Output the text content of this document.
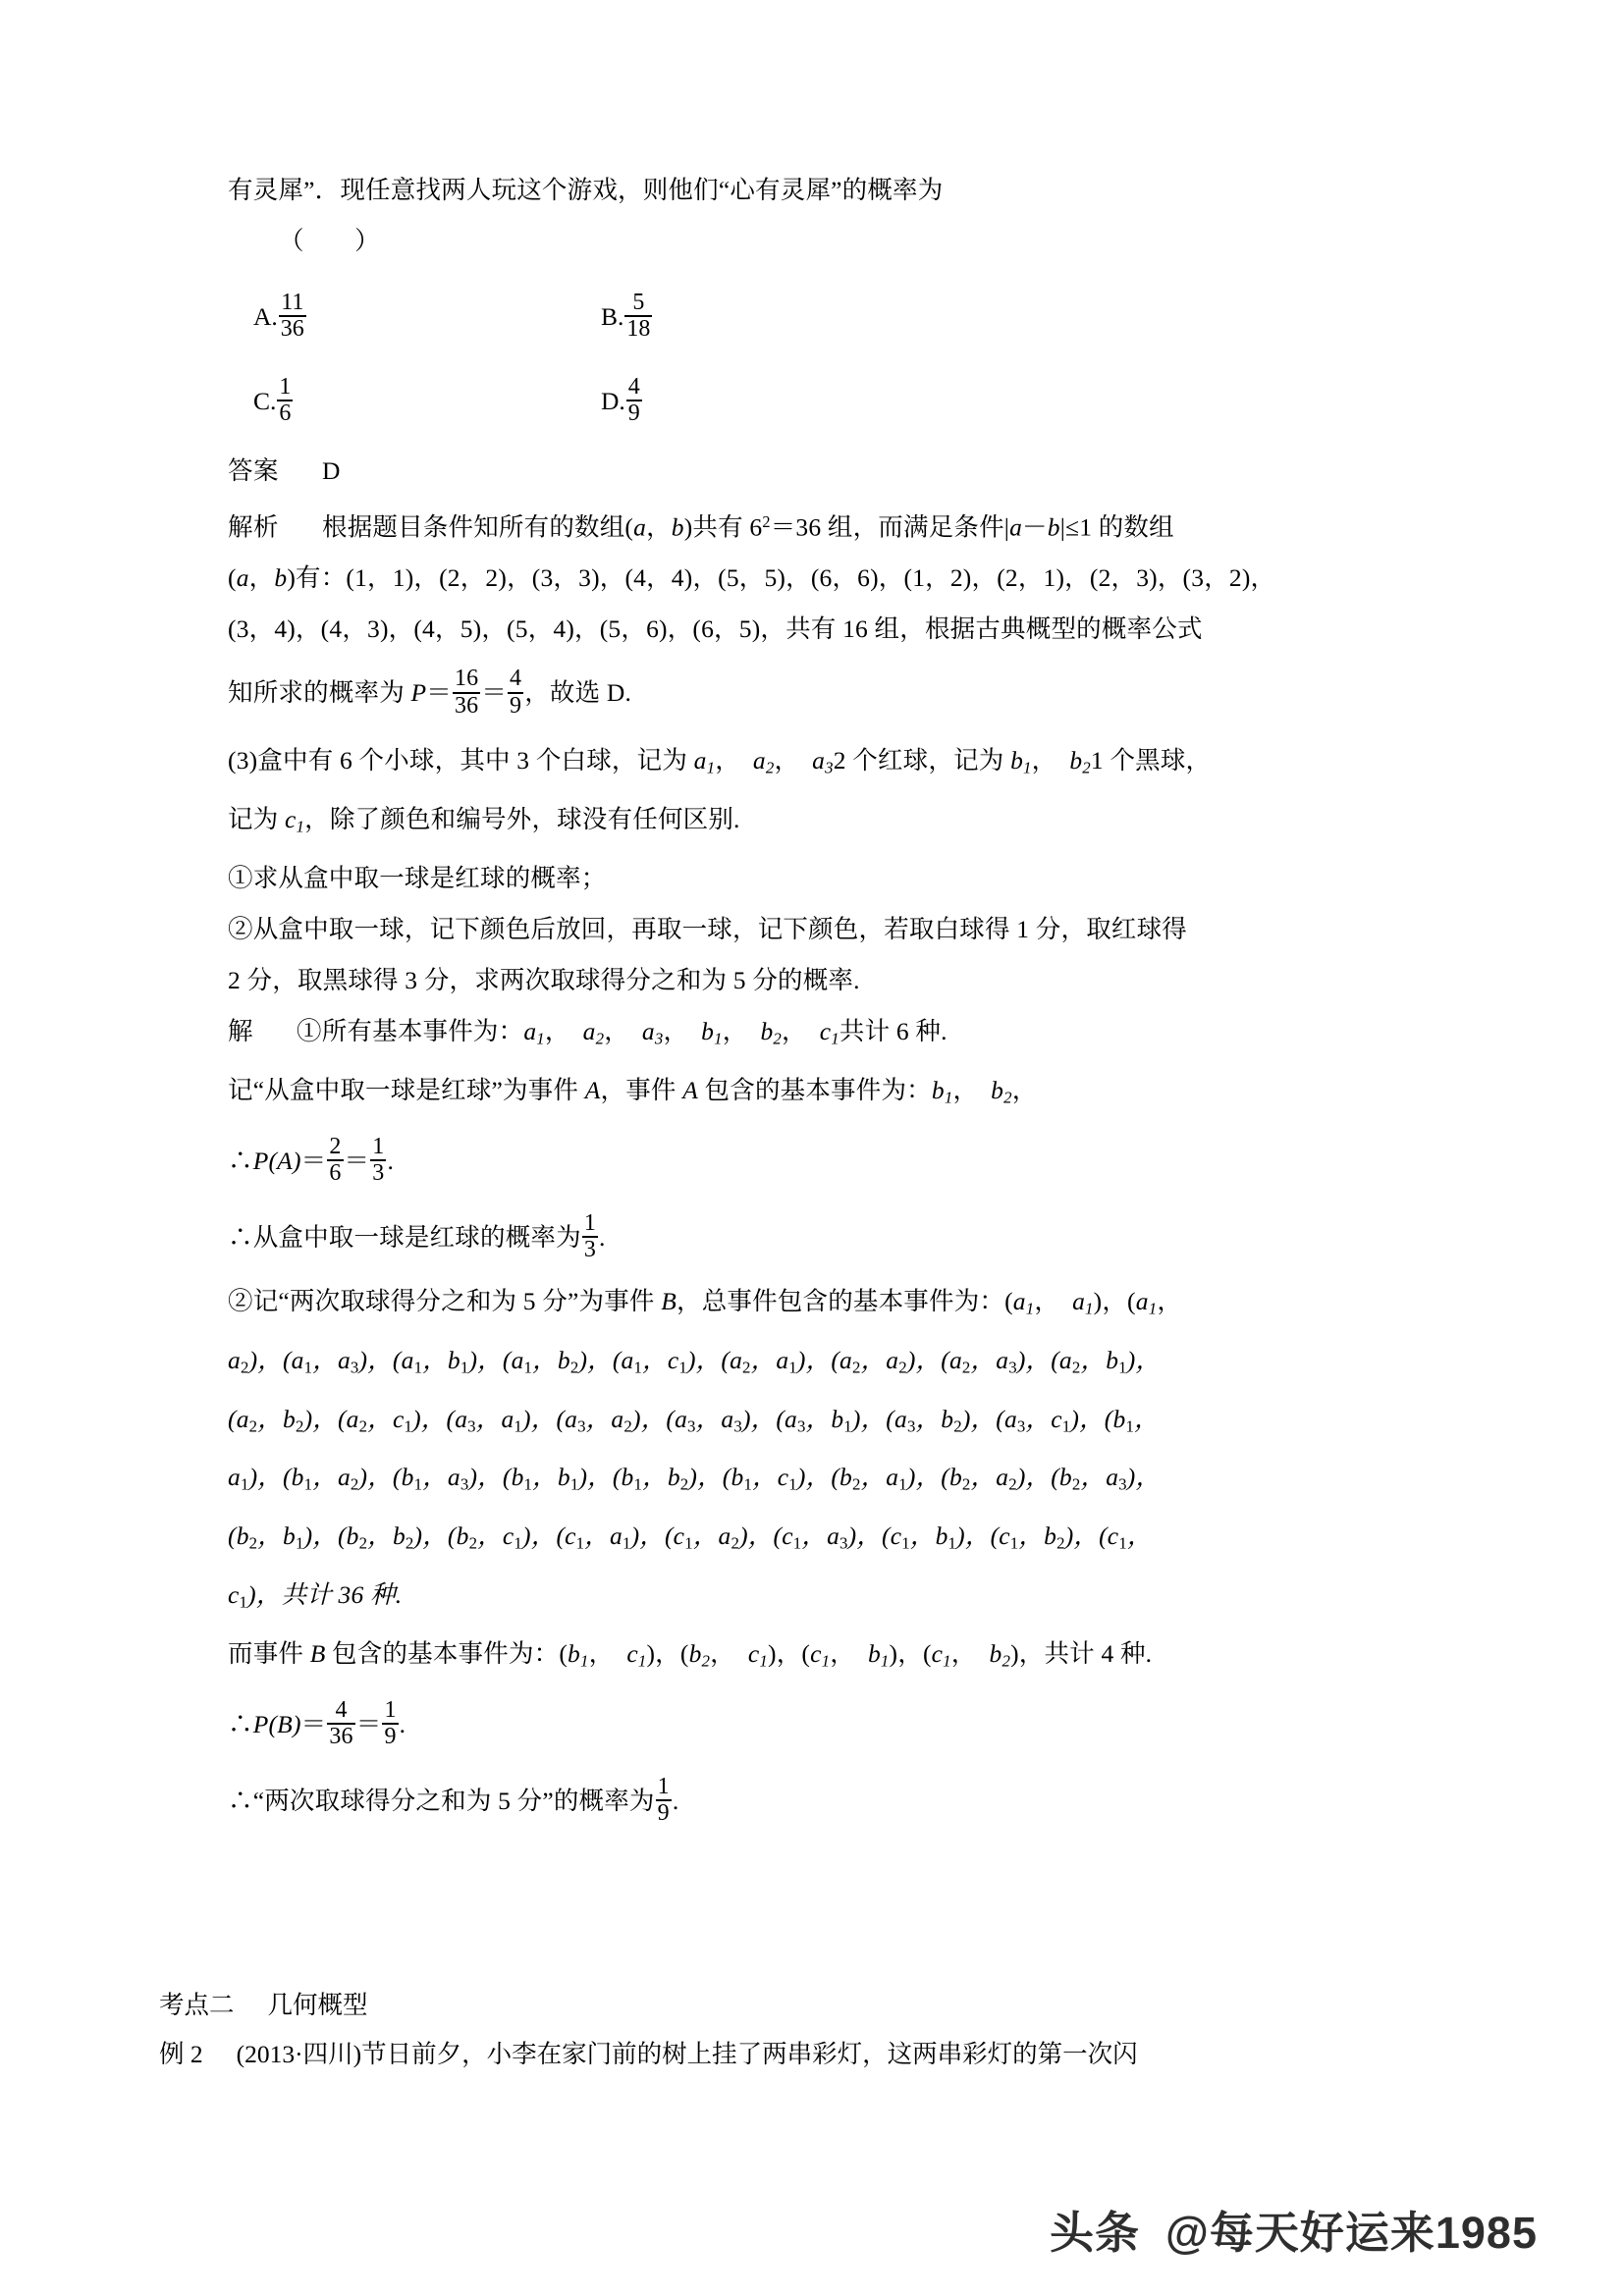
有灵犀”．现任意找两人玩这个游戏，则他们“心有灵犀”的概率为
（　　）
A. $\frac{11}{36}$	B. $\frac{5}{18}$
C. $\frac{1}{6}$	D. $\frac{4}{9}$
答案 D
解析 根据题目条件知所有的数组(a，b)共有 $6^2=36$ 组，而满足条件|a－b|≤1 的数组
(a，b)有：(1，1)，(2，2)，(3，3)，(4，4)，(5，5)，(6，6)，(1，2)，(2，1)，(2，3)，(3，2)，
(3，4)，(4，3)，(4，5)，(5，4)，(5，6)，(6，5)，共有 16 组，根据古典概型的概率公式
知所求的概率为 $P= \frac{16}{36} = \frac{4}{9}$ ，故选 D.
(3)盒中有 6 个小球，其中 3 个白球，记为 $a_1$， $a_2$， $a_32$ 个红球，记为 $b_1$， $b_21$ 个黑球，
记为 $c_1$，除了颜色和编号外，球没有任何区别.
①求从盒中取一球是红球的概率；
②从盒中取一球，记下颜色后放回，再取一球，记下颜色，若取白球得 1 分，取红球得
2 分，取黑球得 3 分，求两次取球得分之和为 5 分的概率.
解 ①所有基本事件为：$a_1$， $a_2$， $a_3$， $b_1$， $b_2$， $c_1$共计 6 种.
记“从盒中取一球是红球”为事件 A，事件 A 包含的基本事件为：$b_1$， $b_2$，
∴P(A)＝ $\frac{2}{6} = \frac{1}{3}$ .
∴从盒中取一球是红球的概率为 $\frac{1}{3}$ .
②记“两次取球得分之和为 5 分”为事件 B，总事件包含的基本事件为：($a_1$， $a_1$)，($a_1$，
a2)，(a1，a3)，(a1，b1)，(a1，b2)，(a1，c1)，(a2，a1)，(a2，a2)，(a2，a3)，(a2，b1)，
(a2，b2)，(a2，c1)，(a3，a1)，(a3，a2)，(a3，a3)，(a3，b1)，(a3，b2)，(a3，c1)，(b1，
a1)，(b1，a2)，(b1，a3)，(b1，b1)，(b1，b2)，(b1，c1)，(b2，a1)，(b2，a2)，(b2，a3)，
(b2，b1)，(b2，b2)，(b2，c1)，(c1，a1)，(c1，a2)，(c1，a3)，(c1，b1)，(c1，b2)，(c1，
c1)，共计 36 种.
而事件 B 包含的基本事件为：($b_1$， $c_1$)，($b_2$， $c_1$)，($c_1$， $b_1$)，($c_1$， $b_2$)，共计 4 种.
∴P(B)＝ $\frac{4}{36} = \frac{1}{9}$ .
∴“两次取球得分之和为 5 分”的概率为 $\frac{1}{9}$ .
考点二 几何概型
例 2 (2013·四川)节日前夕，小李在家门前的树上挂了两串彩灯，这两串彩灯的第一次闪
头条 @每天好运来1985
